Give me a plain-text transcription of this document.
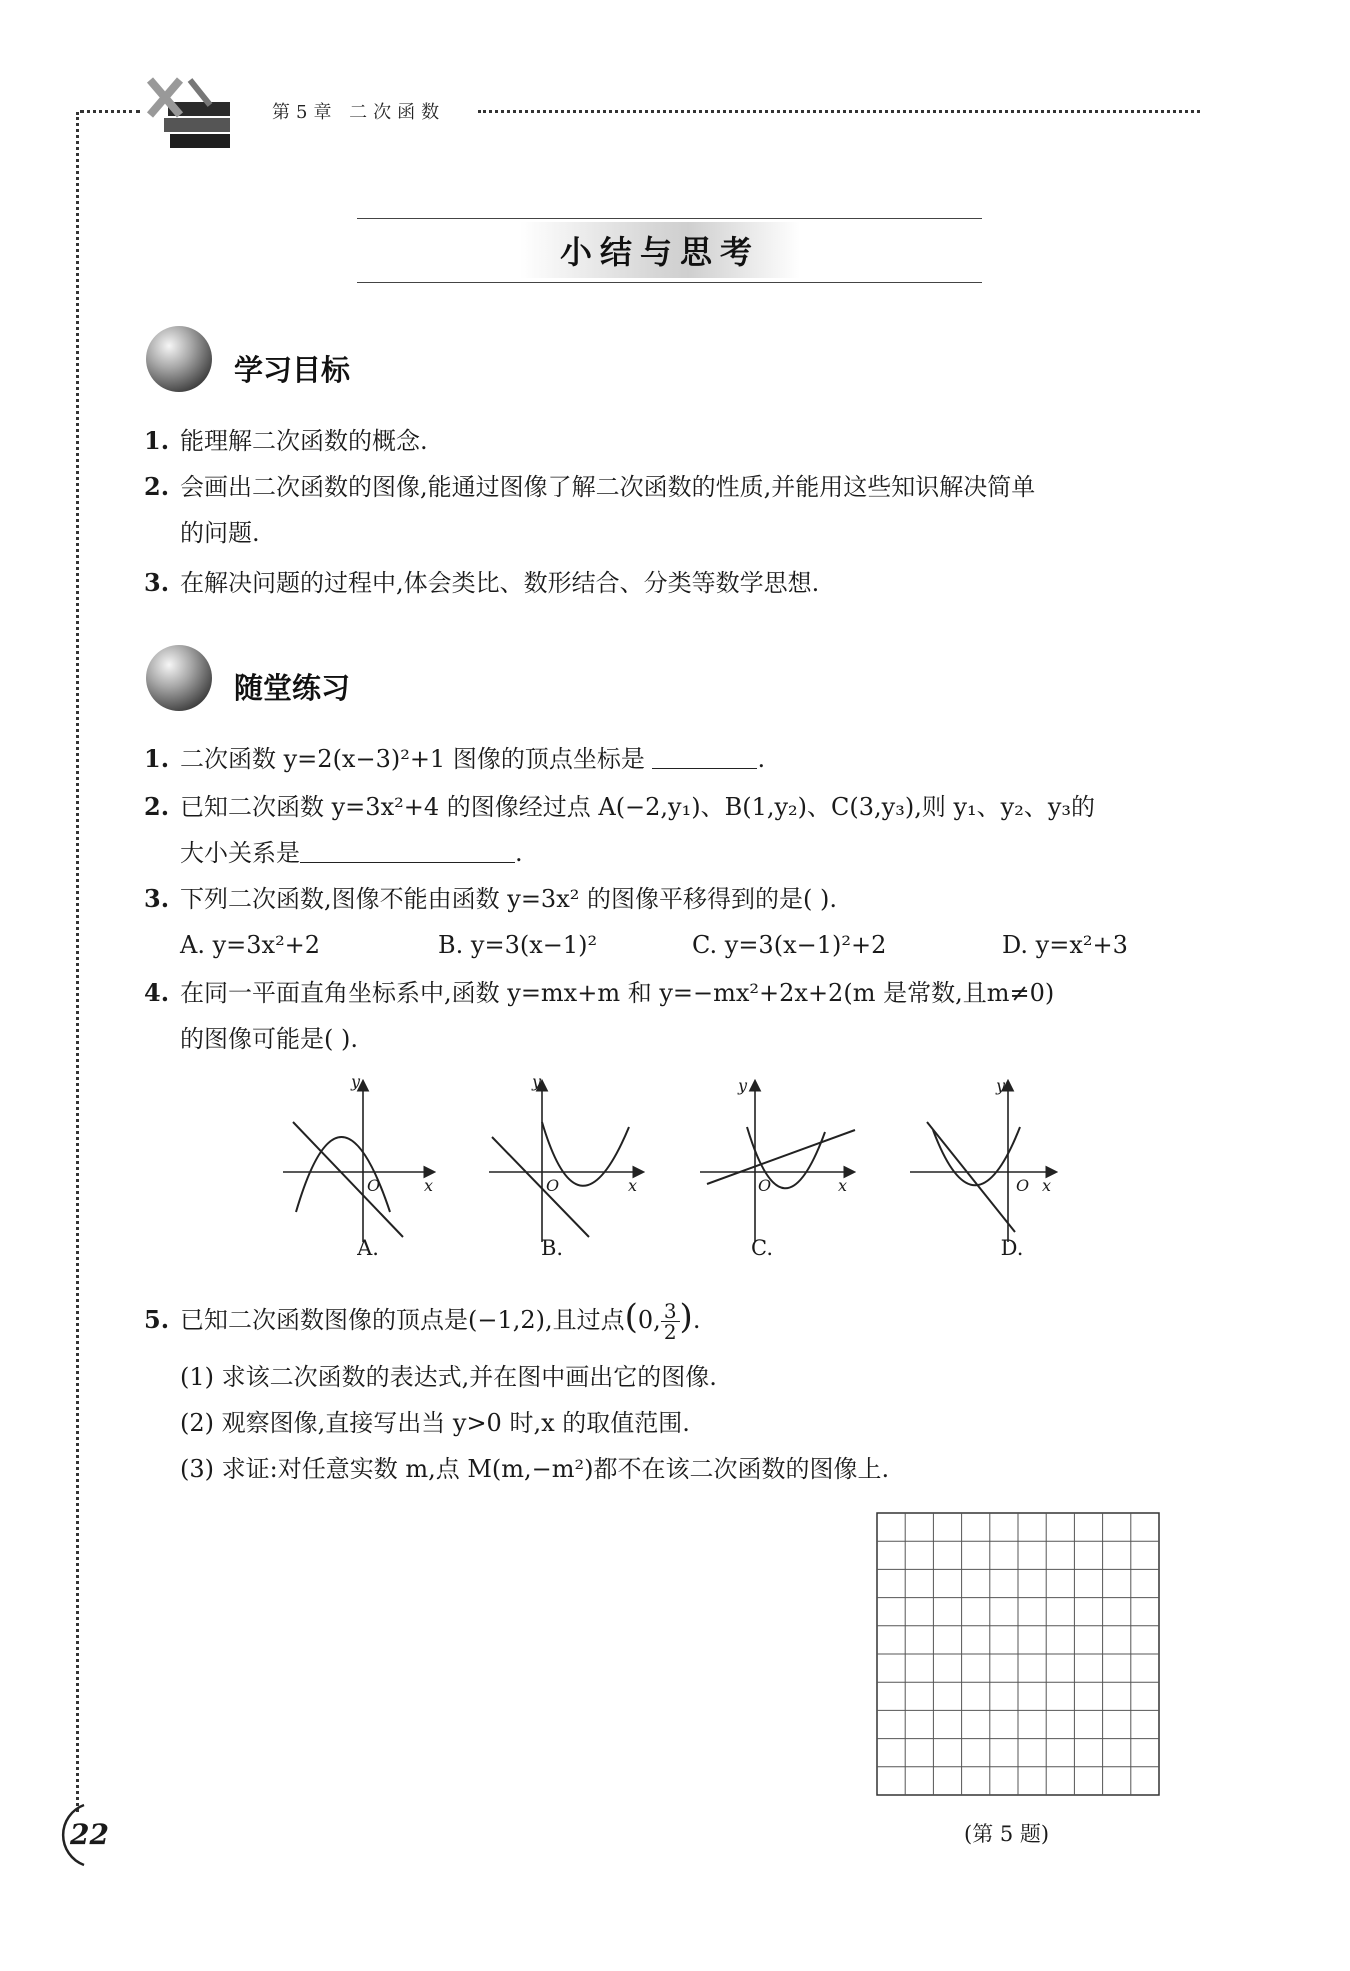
第5章 二次函数
小结与思考
学习目标
1. 能理解二次函数的概念.
2. 会画出二次函数的图像,能通过图像了解二次函数的性质,并能用这些知识解决简单
的问题.
3. 在解决问题的过程中,体会类比、数形结合、分类等数学思想.
随堂练习
1. 二次函数 y=2(x−3)²+1 图像的顶点坐标是	.
2. 已知二次函数 y=3x²+4 的图像经过点 A(−2,y₁)、B(1,y₂)、C(3,y₃),则 y₁、y₂、y₃的
大小关系是	.
3. 下列二次函数,图像不能由函数 y=3x² 的图像平移得到的是( ).
A. y=3x²+2	B. y=3(x−1)²	C. y=3(x−1)²+2	D. y=x²+3
4. 在同一平面直角坐标系中,函数 y=mx+m 和 y=−mx²+2x+2(m 是常数,且m≠0)
的图像可能是( ).
y
x
O
A.
y
x
O
B.
y
x
O
C.
y
x
O
D.
5. 已知二次函数图像的顶点是(−1,2),且过点(0, $\frac{3}{2}$ ).
(1) 求该二次函数的表达式,并在图中画出它的图像.
(2) 观察图像,直接写出当 y>0 时,x 的取值范围.
(3) 求证:对任意实数 m,点 M(m,−m²)都不在该二次函数的图像上.
(第 5 题)
22
